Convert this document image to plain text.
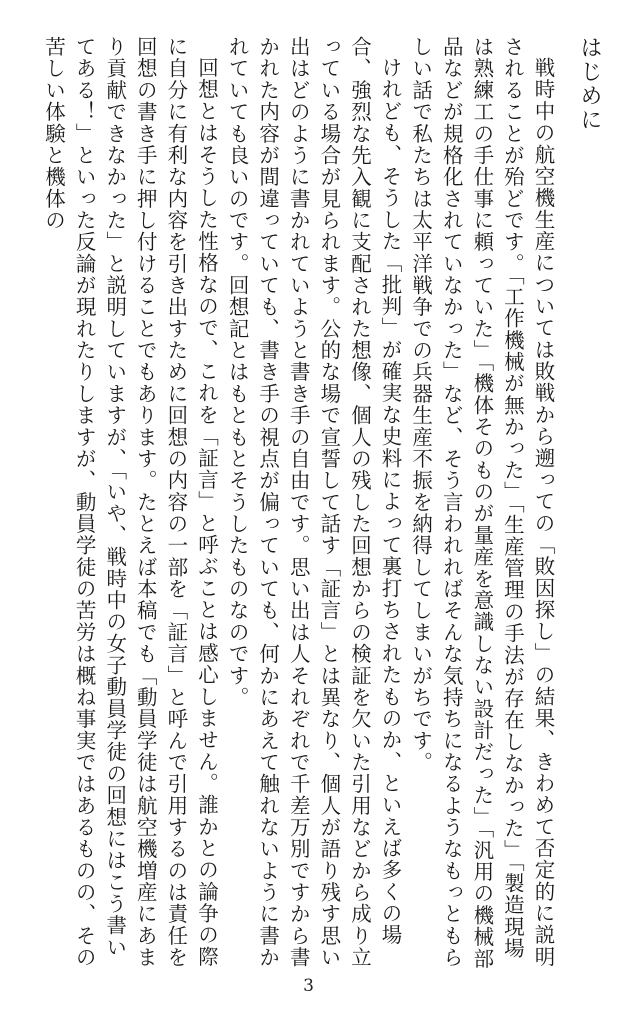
はじめに

戦時中の航空機生産については敗戦から遡っての「敗因探し」の結果、きわめて否定的に説明されることが殆どです。「工作機械が無かった」「生産管理の手法が存在しなかった」「製造現場は熟練工の手仕事に頼っていた」「機体そのものが量産を意識しない設計だった」「汎用の機械部品などが規格化されていなかった」など、そう言われればそんな気持ちになるようなもっともらしい話で私たちは太平洋戦争での兵器生産不振を納得してしまいがちです。

けれども、そうした「批判」が確実な史料によって裏打ちされたものか、といえば多くの場合、強烈な先入観に支配された想像、個人の残した回想からの検証を欠いた引用などから成り立っている場合が見られます。公的な場で宣誓して話す「証言」とは異なり、個人が語り残す思い出はどのように書かれていようと書き手の自由です。思い出は人それぞれで千差万別ですから書かれた内容が間違っていても、書き手の視点が偏っていても、何かにあえて触れないように書かれていても良いのです。回想記とはもともとそうしたものなのです。

回想とはそうした性格なので、これを「証言」と呼ぶことは感心しません。誰かとの論争の際に自分に有利な内容を引き出すために回想の内容の一部を「証言」と呼んで引用するのは責任を回想の書き手に押し付けることでもあります。たとえば本稿でも「動員学徒は航空機増産にあまり貢献できなかった」と説明していますが、「いや、戦時中の女子動員学徒の回想にはこう書いてある！」といった反論が現れたりしますが、動員学徒の苦労は概ね事実ではあるものの、その苦しい体験と機体の

3
